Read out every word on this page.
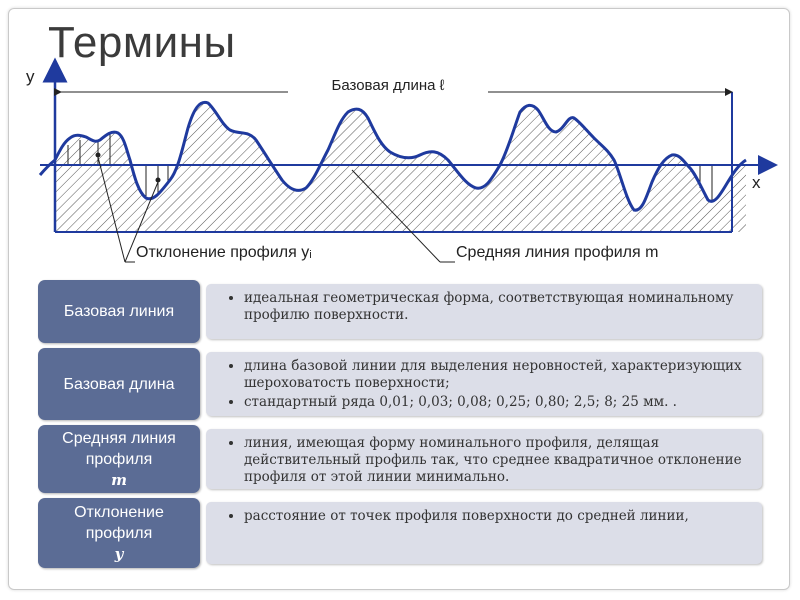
Термины
Базовая длина ℓ
у
х
Отклонение профиля yᵢ	Средняя линия профиля m
Базовая линия
• идеальная геометрическая форма, соответствующая номинальному профилю поверхности.
Базовая длина
• длина базовой линии для выделения неровностей, характеризующих шероховатость поверхности;
• стандартный ряда 0,01; 0,03; 0,08; 0,25; 0,80; 2,5; 8; 25 мм. .
Средняя линия профиля
m
• линия, имеющая форму номинального профиля, делящая действительный профиль так, что среднее квадратичное отклонение профиля от этой линии минимально.
Отклонение профиля
y
• расстояние от точек профиля поверхности до средней линии,
